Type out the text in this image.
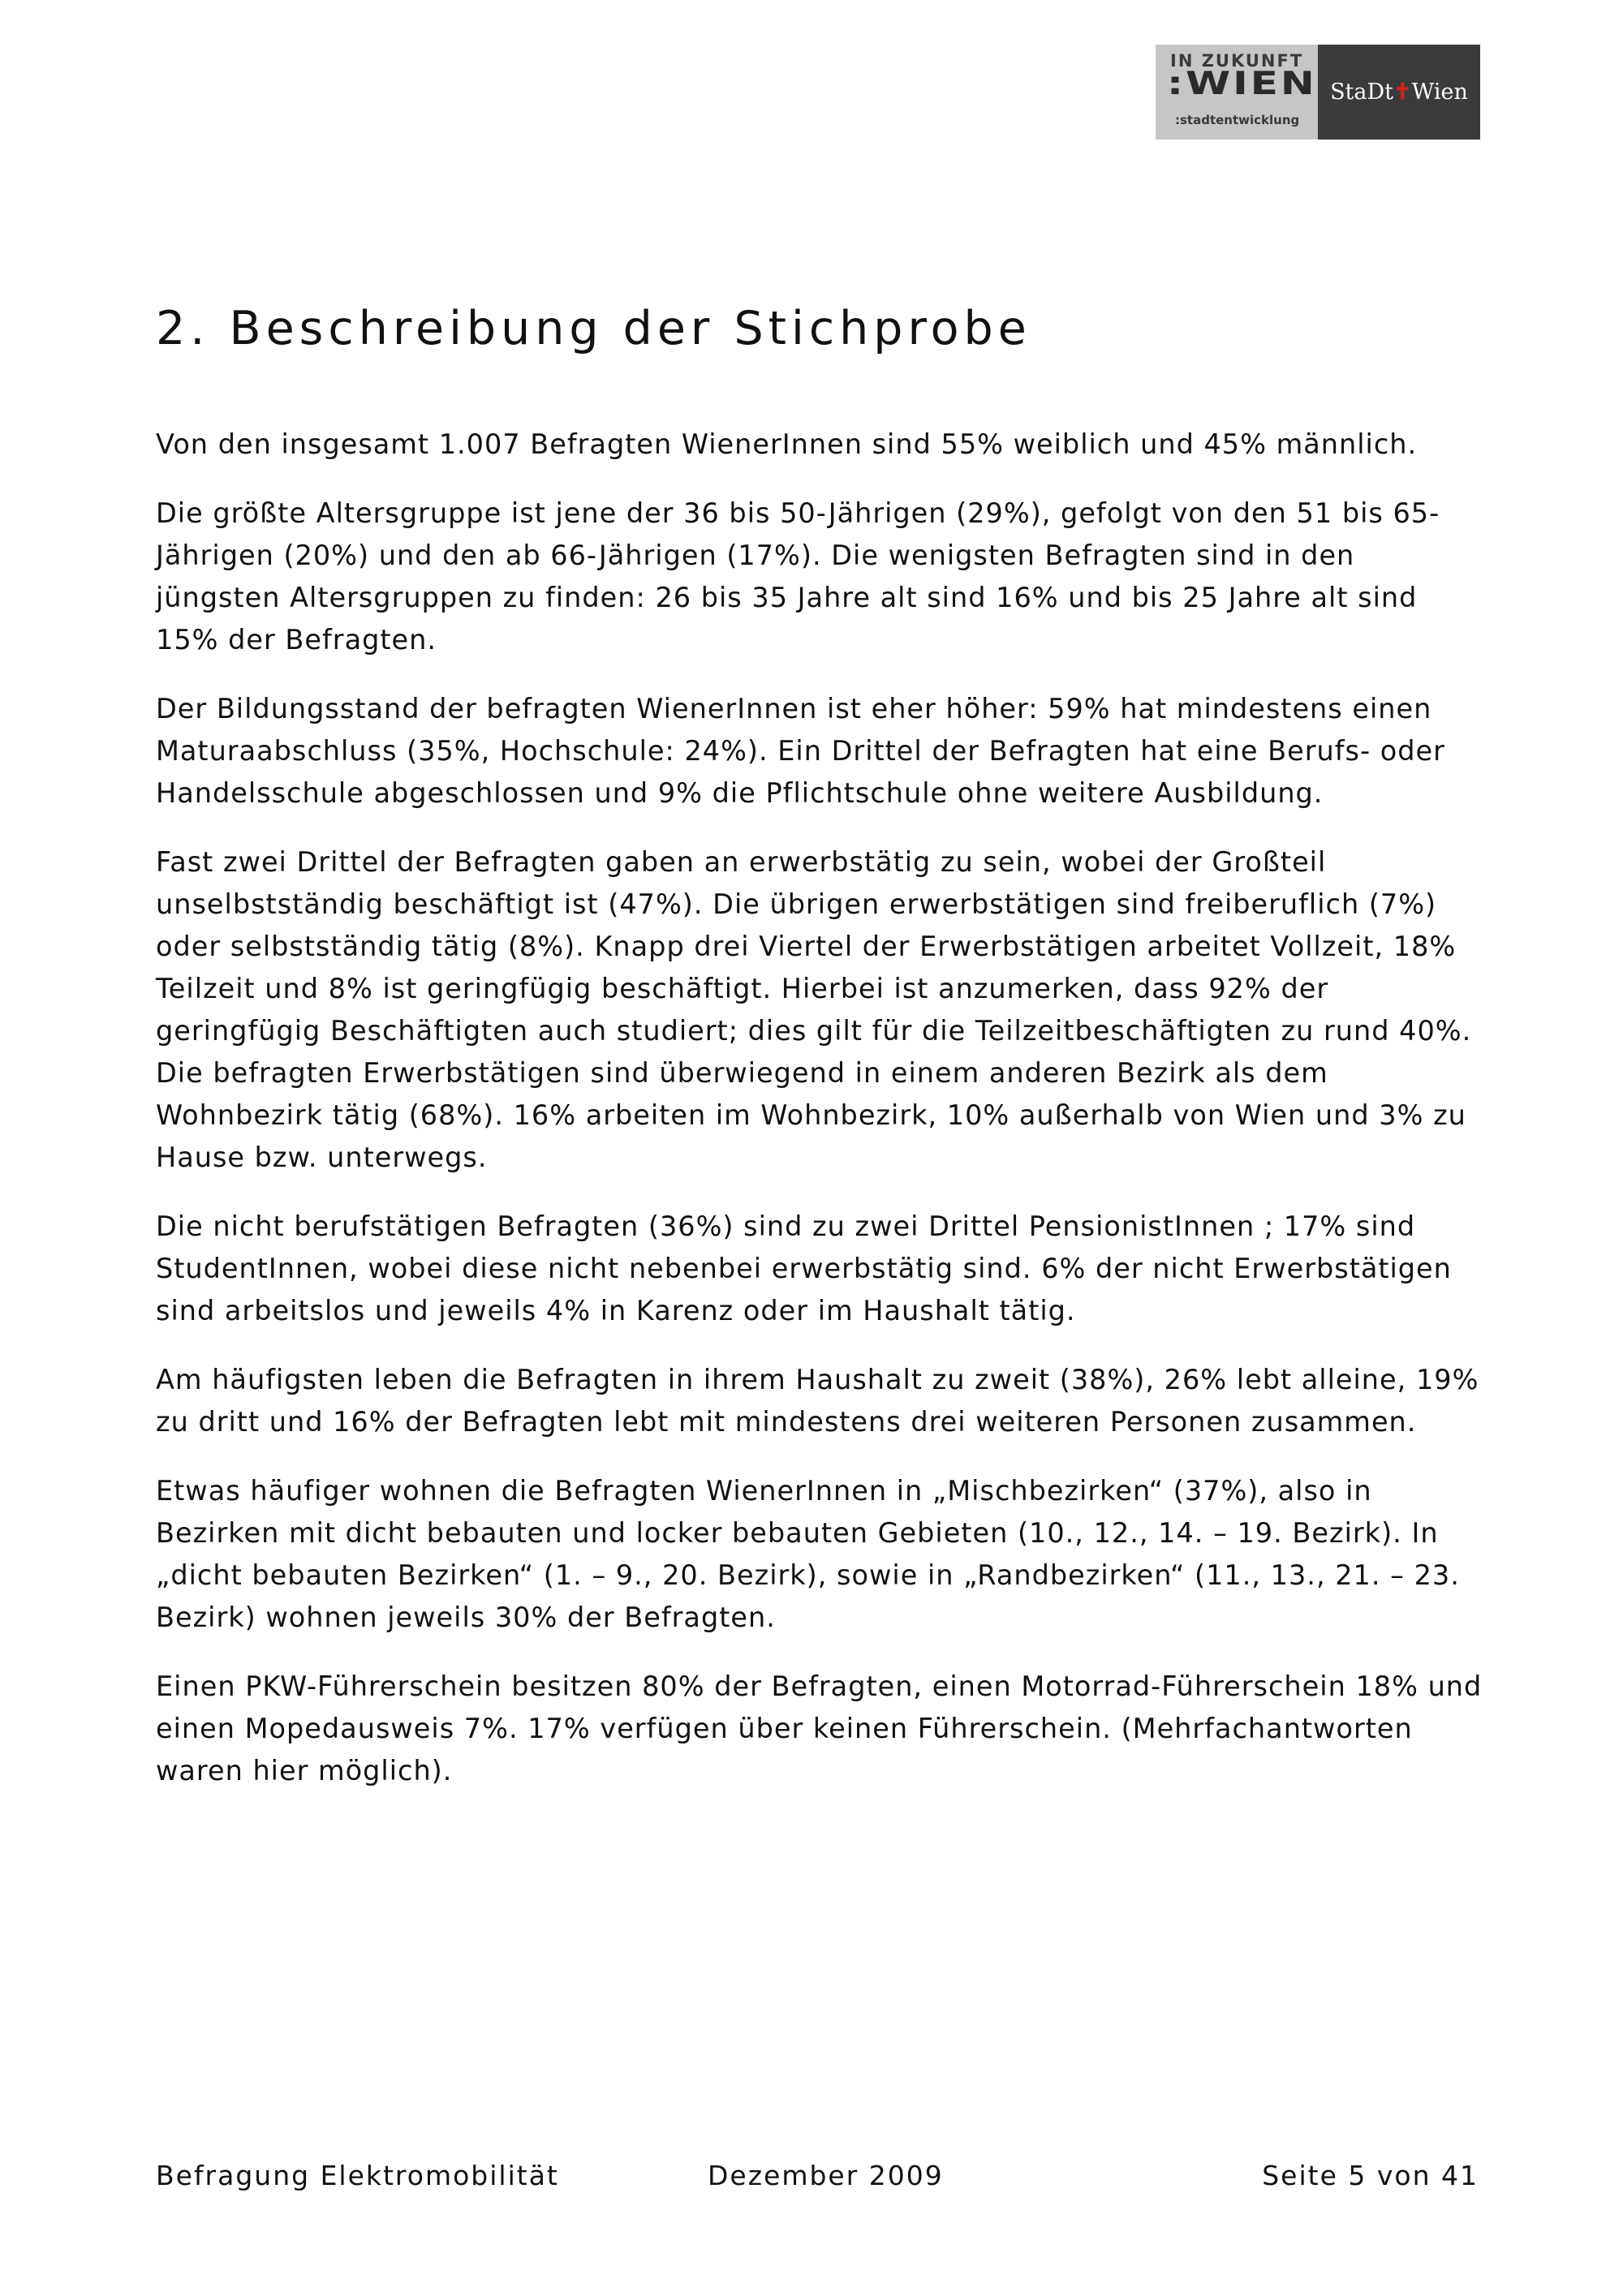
IN ZUKUNFT
:WIEN
:stadtentwicklung
StaDt✝Wien
2. Beschreibung der Stichprobe

Von den insgesamt 1.007 Befragten WienerInnen sind 55% weiblich und 45% männlich.

Die größte Altersgruppe ist jene der 36 bis 50-Jährigen (29%), gefolgt von den 51 bis 65-Jährigen (20%) und den ab 66-Jährigen (17%). Die wenigsten Befragten sind in den jüngsten Altersgruppen zu finden: 26 bis 35 Jahre alt sind 16% und bis 25 Jahre alt sind 15% der Befragten.

Der Bildungsstand der befragten WienerInnen ist eher höher: 59% hat mindestens einen Maturaabschluss (35%, Hochschule: 24%). Ein Drittel der Befragten hat eine Berufs- oder Handelsschule abgeschlossen und 9% die Pflichtschule ohne weitere Ausbildung.

Fast zwei Drittel der Befragten gaben an erwerbstätig zu sein, wobei der Großteil unselbstständig beschäftigt ist (47%). Die übrigen erwerbstätigen sind freiberuflich (7%) oder selbstständig tätig (8%). Knapp drei Viertel der Erwerbstätigen arbeitet Vollzeit, 18% Teilzeit und 8% ist geringfügig beschäftigt. Hierbei ist anzumerken, dass 92% der geringfügig Beschäftigten auch studiert; dies gilt für die Teilzeitbeschäftigten zu rund 40%. Die befragten Erwerbstätigen sind überwiegend in einem anderen Bezirk als dem Wohnbezirk tätig (68%). 16% arbeiten im Wohnbezirk, 10% außerhalb von Wien und 3% zu Hause bzw. unterwegs.

Die nicht berufstätigen Befragten (36%) sind zu zwei Drittel PensionistInnen ; 17% sind StudentInnen, wobei diese nicht nebenbei erwerbstätig sind. 6% der nicht Erwerbstätigen sind arbeitslos und jeweils 4% in Karenz oder im Haushalt tätig.

Am häufigsten leben die Befragten in ihrem Haushalt zu zweit (38%), 26% lebt alleine, 19% zu dritt und 16% der Befragten lebt mit mindestens drei weiteren Personen zusammen.

Etwas häufiger wohnen die Befragten WienerInnen in „Mischbezirken“ (37%), also in Bezirken mit dicht bebauten und locker bebauten Gebieten (10., 12., 14. – 19. Bezirk). In „dicht bebauten Bezirken“ (1. – 9., 20. Bezirk), sowie in „Randbezirken“ (11., 13., 21. – 23. Bezirk) wohnen jeweils 30% der Befragten.

Einen PKW-Führerschein besitzen 80% der Befragten, einen Motorrad-Führerschein 18% und einen Mopedausweis 7%. 17% verfügen über keinen Führerschein. (Mehrfachantworten waren hier möglich).

Befragung Elektromobilität	Dezember 2009	Seite 5 von 41
